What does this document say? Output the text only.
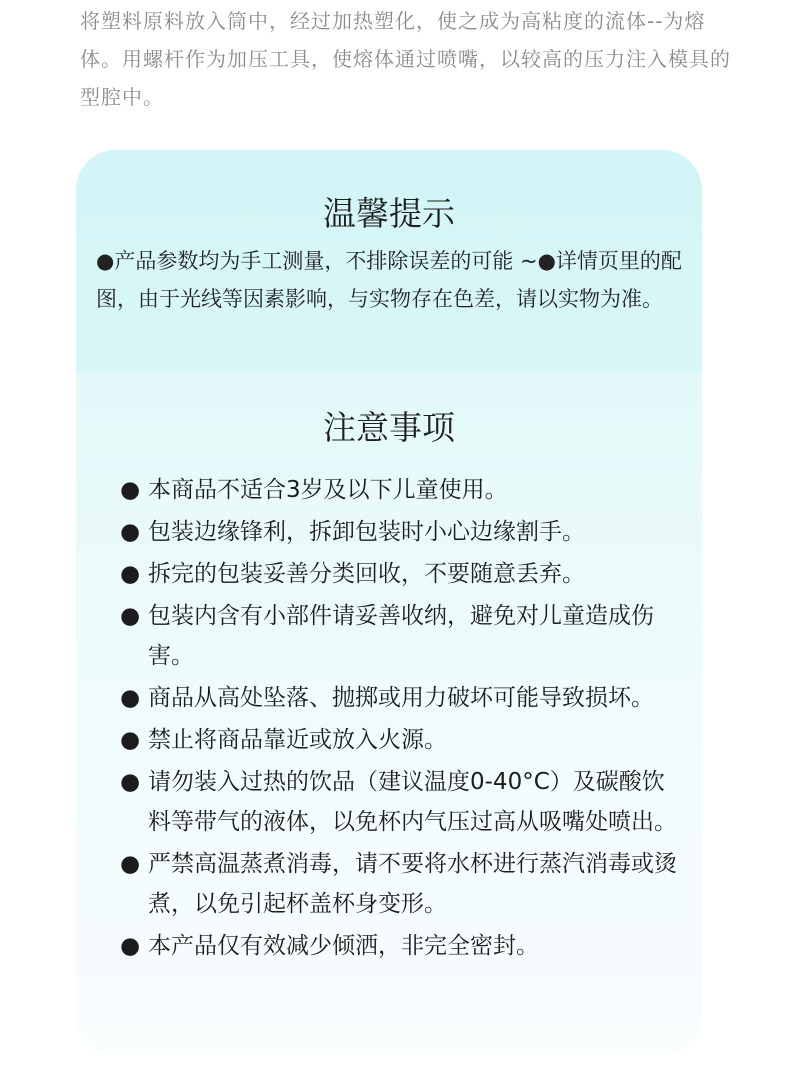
将塑料原料放入筒中，经过加热塑化，使之成为高粘度的流体--为熔体。用螺杆作为加压工具，使熔体通过喷嘴，以较高的压力注入模具的型腔中。
温馨提示
●产品参数均为手工测量，不排除误差的可能 ~●详情页里的配图，由于光线等因素影响，与实物存在色差，请以实物为准。
注意事项
● 本商品不适合3岁及以下儿童使用。
● 包装边缘锋利，拆卸包装时小心边缘割手。
● 拆完的包装妥善分类回收，不要随意丢弃。
● 包装内含有小部件请妥善收纳，避免对儿童造成伤害。
● 商品从高处坠落、抛掷或用力破坏可能导致损坏。
● 禁止将商品靠近或放入火源。
● 请勿装入过热的饮品（建议温度0-40°C）及碳酸饮料等带气的液体，以免杯内气压过高从吸嘴处喷出。
● 严禁高温蒸煮消毒，请不要将水杯进行蒸汽消毒或烫煮，以免引起杯盖杯身变形。
● 本产品仅有效减少倾洒，非完全密封。
